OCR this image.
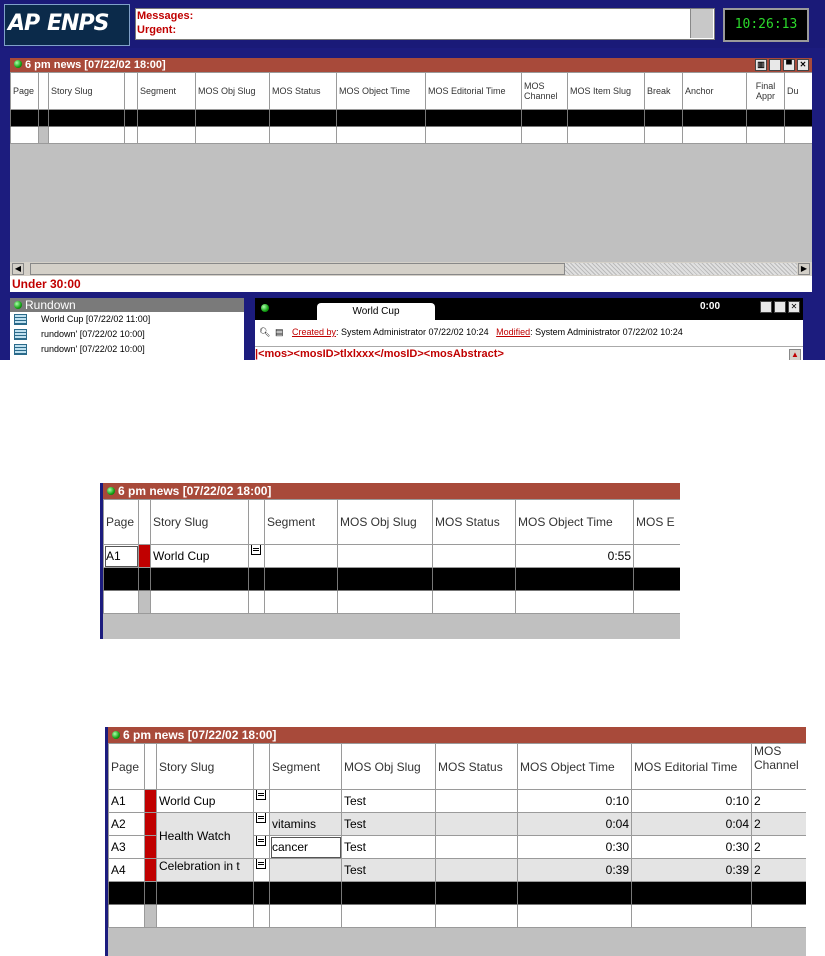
AP ENPS	Messages:
Urgent:	10:26:13
6 pm news [07/22/02 18:00]	▥	▀ ✕
Page		Story Slug		Segment	MOS Obj Slug	MOS Status	MOS Object Time	MOS Editorial Time	MOS Channel	MOS Item Slug	Break	Anchor	Final Appr	Du

◀	▶
Under 30:00
Rundown
World Cup [07/22/02 11:00]
rundown' [07/22/02 10:00]
rundown' [07/22/02 10:00]
World Cup	0:00	✕
🔍︎ ▤ Created by: System Administrator 07/22/02 10:24 Modified: System Administrator 07/22/02 10:24
|<mos><mosID>tlxlxxx</mosID><mosAbstract>	▲
6 pm news [07/22/02 18:00]
Page		Story Slug		Segment	MOS Obj Slug	MOS Status	MOS Object Time	MOS E
A1		World Cup					0:55	

6 pm news [07/22/02 18:00]
Page		Story Slug		Segment	MOS Obj Slug	MOS Status	MOS Object Time	MOS Editorial Time	MOS Channel
A1		World Cup			Test		0:10	0:10	2
A2		Health Watch		vitamins	Test		0:04	0:04	2
A3				cancer	Test		0:30	0:30	2
A4		Celebration in t			Test		0:39	0:39	2
